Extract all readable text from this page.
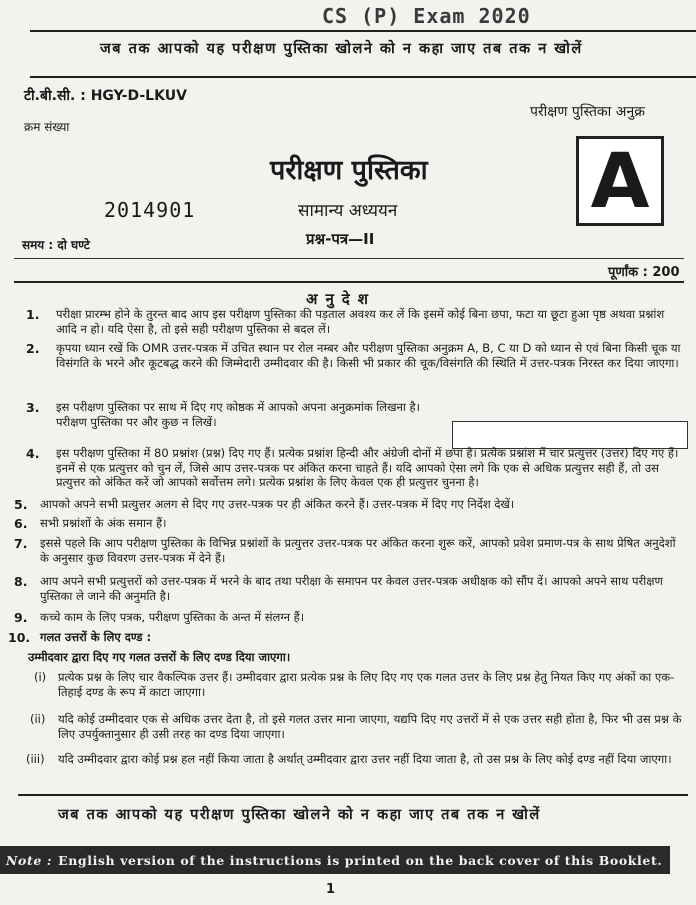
CS (P) Exam 2020
जब तक आपको यह परीक्षण पुस्तिका खोलने को न कहा जाए तब तक न खोलें
टी.बी.सी. : HGY-D-LKUV
परीक्षण पुस्तिका अनुक्र
क्रम संख्या
परीक्षण पुस्तिका
2014901	सामान्य अध्ययन
प्रश्न-पत्र—II
समय : दो घण्टे
A
पूर्णांक : 200
अनुदेश
1. परीक्षा प्रारम्भ होने के तुरन्त बाद आप इस परीक्षण पुस्तिका की पड़ताल अवश्य कर लें कि इसमें कोई बिना छपा, फटा या छूटा हुआ पृष्ठ अथवा प्रश्नांश आदि न हो। यदि ऐसा है, तो इसे सही परीक्षण पुस्तिका से बदल लें।
2. कृपया ध्यान रखें कि OMR उत्तर-पत्रक में उचित स्थान पर रोल नम्बर और परीक्षण पुस्तिका अनुक्रम A, B, C या D को ध्यान से एवं बिना किसी चूक या विसंगति के भरने और कूटबद्ध करने की जिम्मेदारी उम्मीदवार की है। किसी भी प्रकार की चूक/विसंगति की स्थिति में उत्तर-पत्रक निरस्त कर दिया जाएगा।
3. इस परीक्षण पुस्तिका पर साथ में दिए गए कोष्ठक में आपको अपना अनुक्रमांक लिखना है। परीक्षण पुस्तिका पर और कुछ न लिखें।
4. इस परीक्षण पुस्तिका में 80 प्रश्नांश (प्रश्न) दिए गए हैं। प्रत्येक प्रश्नांश हिन्दी और अंग्रेजी दोनों में छपा है। प्रत्येक प्रश्नांश में चार प्रत्युत्तर (उत्तर) दिए गए हैं। इनमें से एक प्रत्युत्तर को चुन लें, जिसे आप उत्तर-पत्रक पर अंकित करना चाहते हैं। यदि आपको ऐसा लगे कि एक से अधिक प्रत्युत्तर सही हैं, तो उस प्रत्युत्तर को अंकित करें जो आपको सर्वोत्तम लगे। प्रत्येक प्रश्नांश के लिए केवल एक ही प्रत्युत्तर चुनना है।
5. आपको अपने सभी प्रत्युत्तर अलग से दिए गए उत्तर-पत्रक पर ही अंकित करने हैं। उत्तर-पत्रक में दिए गए निर्देश देखें।
6. सभी प्रश्नांशों के अंक समान हैं।
7. इससे पहले कि आप परीक्षण पुस्तिका के विभिन्न प्रश्नांशों के प्रत्युत्तर उत्तर-पत्रक पर अंकित करना शुरू करें, आपको प्रवेश प्रमाण-पत्र के साथ प्रेषित अनुदेशों के अनुसार कुछ विवरण उत्तर-पत्रक में देने हैं।
8. आप अपने सभी प्रत्युत्तरों को उत्तर-पत्रक में भरने के बाद तथा परीक्षा के समापन पर केवल उत्तर-पत्रक अधीक्षक को सौंप दें। आपको अपने साथ परीक्षण पुस्तिका ले जाने की अनुमति है।
9. कच्चे काम के लिए पत्रक, परीक्षण पुस्तिका के अन्त में संलग्न हैं।
10. गलत उत्तरों के लिए दण्ड :
उम्मीदवार द्वारा दिए गए गलत उत्तरों के लिए दण्ड दिया जाएगा।
(i) प्रत्येक प्रश्न के लिए चार वैकल्पिक उत्तर हैं। उम्मीदवार द्वारा प्रत्येक प्रश्न के लिए दिए गए एक गलत उत्तर के लिए प्रश्न हेतु नियत किए गए अंकों का एक-तिहाई दण्ड के रूप में काटा जाएगा।
(ii) यदि कोई उम्मीदवार एक से अधिक उत्तर देता है, तो इसे गलत उत्तर माना जाएगा, यद्यपि दिए गए उत्तरों में से एक उत्तर सही होता है, फिर भी उस प्रश्न के लिए उपर्युक्तानुसार ही उसी तरह का दण्ड दिया जाएगा।
(iii) यदि उम्मीदवार द्वारा कोई प्रश्न हल नहीं किया जाता है अर्थात् उम्मीदवार द्वारा उत्तर नहीं दिया जाता है, तो उस प्रश्न के लिए कोई दण्ड नहीं दिया जाएगा।
जब तक आपको यह परीक्षण पुस्तिका खोलने को न कहा जाए तब तक न खोलें
Note : English version of the instructions is printed on the back cover of this Booklet.
1
